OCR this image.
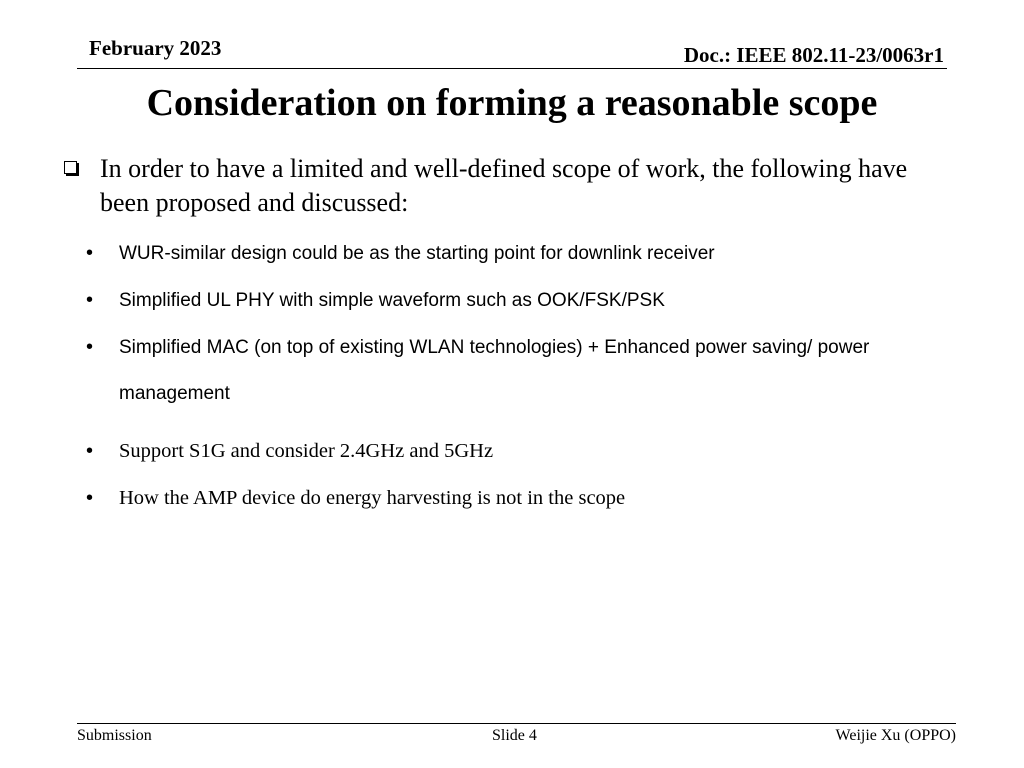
February 2023	Doc.: IEEE 802.11-23/0063r1
Consideration on forming a reasonable scope
In order to have a limited and well-defined scope of work, the following have been proposed and discussed:
• WUR-similar design could be as the starting point for downlink receiver
• Simplified UL PHY with simple waveform such as OOK/FSK/PSK
• Simplified MAC (on top of existing WLAN technologies) + Enhanced power saving/ power management
• Support S1G and consider 2.4GHz and 5GHz
• How the AMP device do energy harvesting is not in the scope
Submission	Slide 4	Weijie Xu (OPPO)
